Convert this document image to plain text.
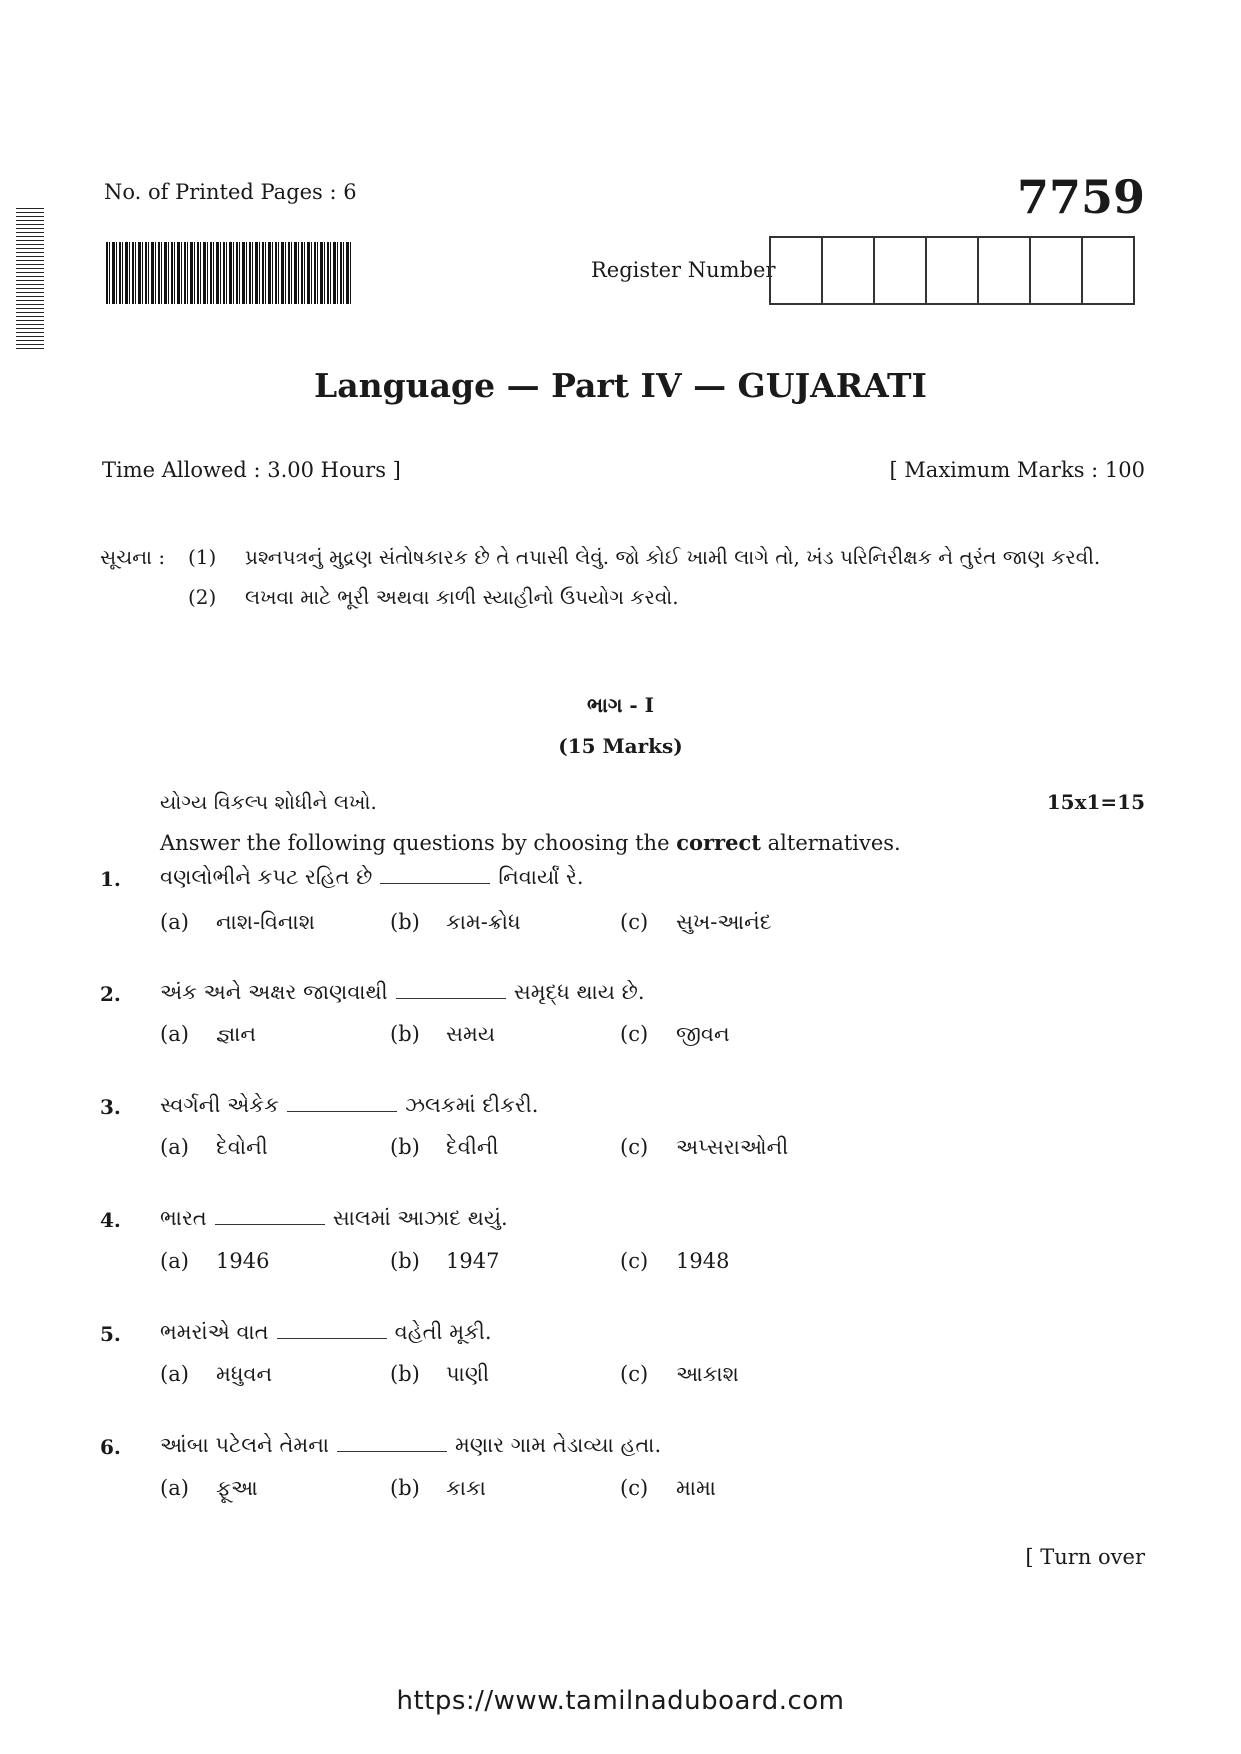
No. of Printed Pages : 6	7759
Register Number
Language — Part IV — GUJARATI
Time Allowed : 3.00 Hours ]	[ Maximum Marks : 100
સૂચના : (1) પ્રશ્નપત્રનું મુદ્રણ સંતોષકારક છે તે તપાસી લેવું. જો કોઈ ખામી લાગે તો, ખંડ પરિનિરીક્ષક ને તુરંત જાણ કરવી.
(2) લખવા માટે ભૂરી અથવા કાળી સ્યાહીનો ઉપયોગ કરવો.
ભાગ - I
(15 Marks)
યોગ્ય વિકલ્પ શોધીને લખો.	15x1=15
Answer the following questions by choosing the correct alternatives.
1. વણલોભીને કપટ રહિત છે	નિવાર્યાં રે.
(a) નાશ-વિનાશ	(b) કામ-ક્રોધ	(c) સુખ-આનંદ
2. અંક અને અક્ષર જાણવાથી	સમૃદ્ધ થાય છે.
(a) જ્ઞાન	(b) સમય	(c) જીવન
3. સ્વર્ગની એકેક	ઝલકમાં દીકરી.
(a) દેવોની	(b) દેવીની	(c) અપ્સરાઓની
4. ભારત	સાલમાં આઝાદ થયું.
(a) 1946	(b) 1947	(c) 1948
5. ભમરાંએ વાત	વહેતી મૂકી.
(a) મધુવન	(b) પાણી	(c) આકાશ
6. આંબા પટેલને તેમના	મણાર ગામ તેડાવ્યા હતા.
(a) ફૂઆ	(b) કાકા	(c) મામા
[ Turn over
https://www.tamilnaduboard.com
